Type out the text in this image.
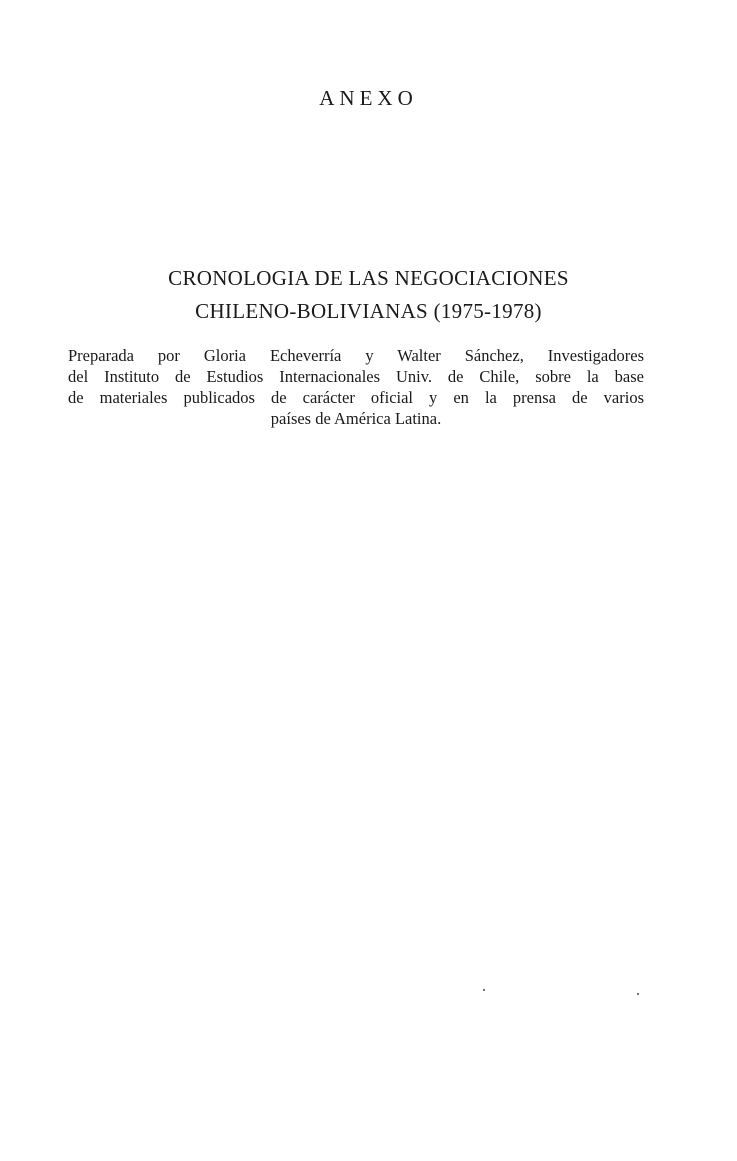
ANEXO
CRONOLOGIA DE LAS NEGOCIACIONES
CHILENO-BOLIVIANAS (1975-1978)

Preparada por Gloria Echeverría y Walter Sánchez, Investigadores
del Instituto de Estudios Internacionales Univ. de Chile, sobre la base
de materiales publicados de carácter oficial y en la prensa de varios
países de América Latina.
